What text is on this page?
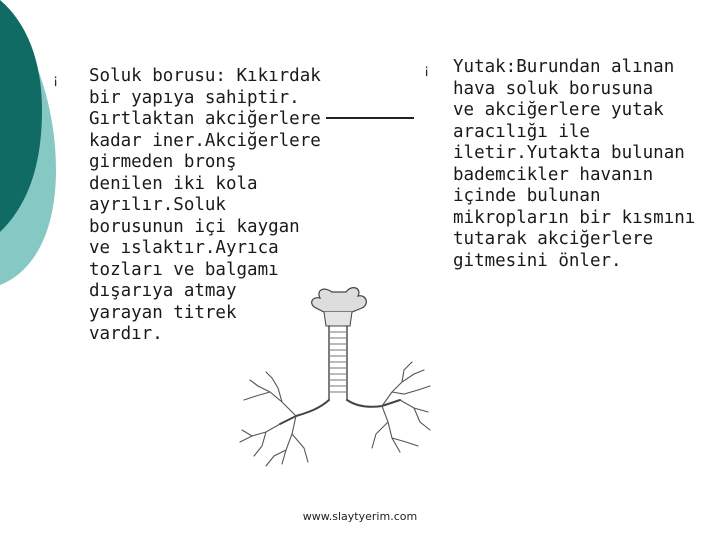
¡ Soluk borusu: Kıkırdak
bir yapıya sahiptir.
Gırtlaktan akciğerlere
kadar iner.Akciğerlere
girmeden bronş
denilen iki kola
ayrılır.Soluk
borusunun içi kaygan
ve ıslaktır.Ayrıca
tozları ve balgamı
dışarıya atmay
yarayan titrek
vardır.

¡ Yutak:Burundan alınan
hava soluk borusuna
ve akciğerlere yutak
aracılığı ile
iletir.Yutakta bulunan
bademcikler havanın
içinde bulunan
mikropların bir kısmını
tutarak akciğerlere
gitmesini önler.

www.slaytyerim.com
